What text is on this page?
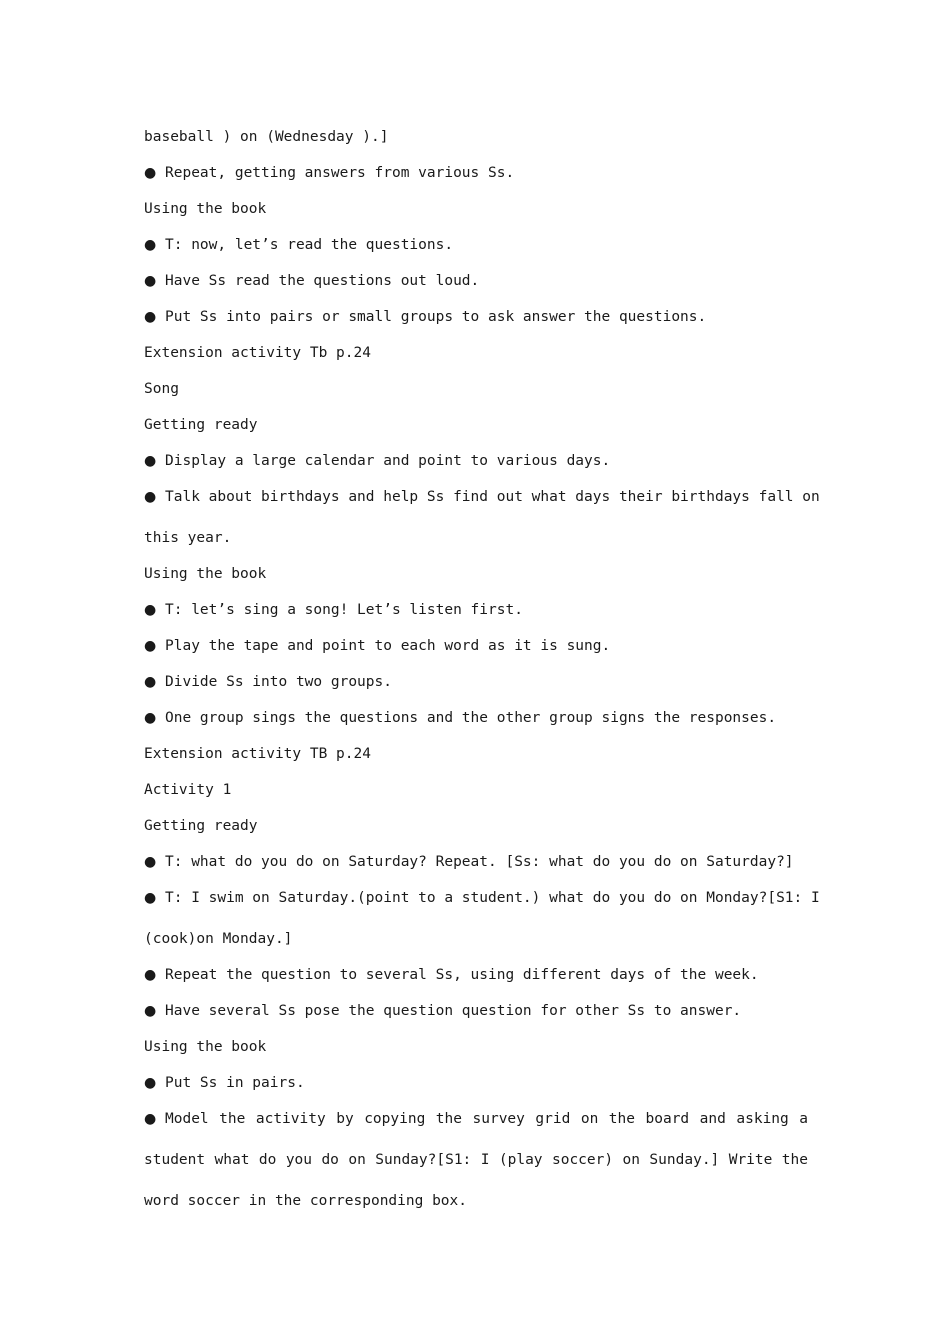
baseball ) on (Wednesday ).]

● Repeat, getting answers from various Ss.

Using the book

● T: now, let’s read the questions.

● Have Ss read the questions out loud.

● Put Ss into pairs or small groups to ask answer the questions.

Extension activity Tb p.24

Song

Getting ready

● Display a large calendar and point to various days.

● Talk about birthdays and help Ss find out what days their birthdays fall on

this year.

Using the book

● T: let’s sing a song! Let’s listen first.

● Play the tape and point to each word as it is sung.

● Divide Ss into two groups.

● One group sings the questions and the other group signs the responses.

Extension activity TB p.24

Activity 1

Getting ready

● T: what do you do on Saturday? Repeat. [Ss: what do you do on Saturday?]

● T: I swim on Saturday.(point to a student.) what do you do on Monday?[S1: I

(cook)on Monday.]

● Repeat the question to several Ss, using different days of the week.

● Have several Ss pose the question question for other Ss to answer.

Using the book

● Put Ss in pairs.

● Model the activity by copying the survey grid on the board and asking a

student what do you do on Sunday?[S1: I (play soccer) on Sunday.] Write the

word soccer in the corresponding box.
